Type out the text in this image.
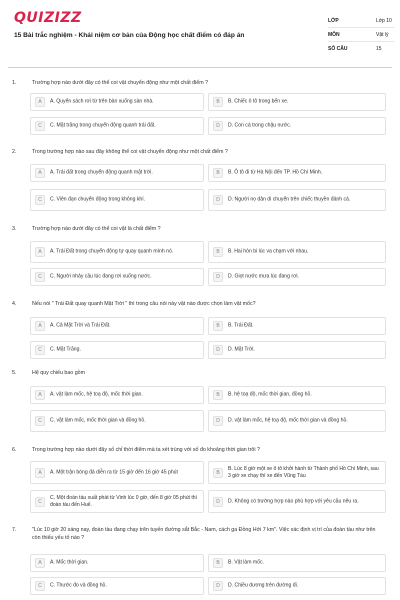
QUIZIZZ
15 Bài trắc nghiệm - Khái niệm cơ bản của Động học chất điểm có đáp án
LỚP	Lớp 10
MÔN	Vật lý
SỐ CÂU	15
1.	Trường hợp nào dưới đây có thể coi vật chuyển động như một chất điểm ?
A	A. Quyển sách rơi từ trên bàn xuống sàn nhà.	B	B. Chiếc ô tô trong bến xe.
C	C. Mặt trăng trong chuyển động quanh trái đất.	D	D. Con cá trong chậu nước.
2.	Trong trường hợp nào sau đây không thể coi vật chuyển động như một chất điểm ?
A	A. Trái đất trong chuyển động quanh mặt trời.	B	B. Ô tô đi từ Hà Nội đến TP. Hồ Chí Minh.
C	C. Viên đạn chuyển động trong không khí.	D	D. Người nọ dân di chuyển trên chiếc thuyền đánh cá.
3.	Trường hợp nào dưới đây có thể coi vật là chất điểm ?
A	A. Trái Đất trong chuyển động tự quay quanh mình nó.	B	B. Hai hòn bi lúc va chạm với nhau.
C	C. Người nhảy cầu lúc đang rơi xuống nước.	D	D. Giọt nước mưa lúc đang rơi.
4.	Nếu nói " Trái Đất quay quanh Mặt Trời " thì trong câu nói này vật nào được chọn làm vật mốc?
A	A. Cả Mặt Trời và Trái Đất.	B	B. Trái Đất.
C	C. Mặt Trăng.	D	D. Mặt Trời.
5.	Hệ quy chiếu bao gồm
A	A. vật làm mốc, hệ toạ độ, mốc thời gian.	B	B. hệ toạ độ, mốc thời gian, đồng hồ.
C	C. vật làm mốc, mốc thời gian và đồng hồ.	D	D. vật làm mốc, hệ toạ độ, mốc thời gian và đồng hồ.
6.	Trong trường hợp nào dưới đây số chỉ thời điểm mà ta xét trùng với số đo khoảng thời gian trôi ?
A	A. Một trận bóng đá diễn ra từ 15 giờ đến 16 giờ 45 phút	B
B. Lúc 8 giờ một xe ô tô khởi hành từ Thành phố Hồ Chí Minh, sau 3 giờ xe chạy thì xe đến Vũng Tàu
C
C. Một đoàn tàu xuất phát từ Vinh lúc 0 giờ, đến 8 giờ 05 phút thì đoàn tàu đến Huế.	D	D. Không có trường hợp nào phù hợp với yêu cầu nêu ra.
7.	"Lúc 10 giờ 20 sáng nay, đoàn tàu đang chạy trên tuyến đường sắt Bắc - Nam, cách ga Đồng Hới 7 km". Việc xác định vị trí của đoàn tàu như trên còn thiếu yếu tố nào ?
A	A. Mốc thời gian.	B	B. Vật làm mốc.
C	C. Thước đo và đồng hồ.	D	D. Chiều dương trên đường đi.
